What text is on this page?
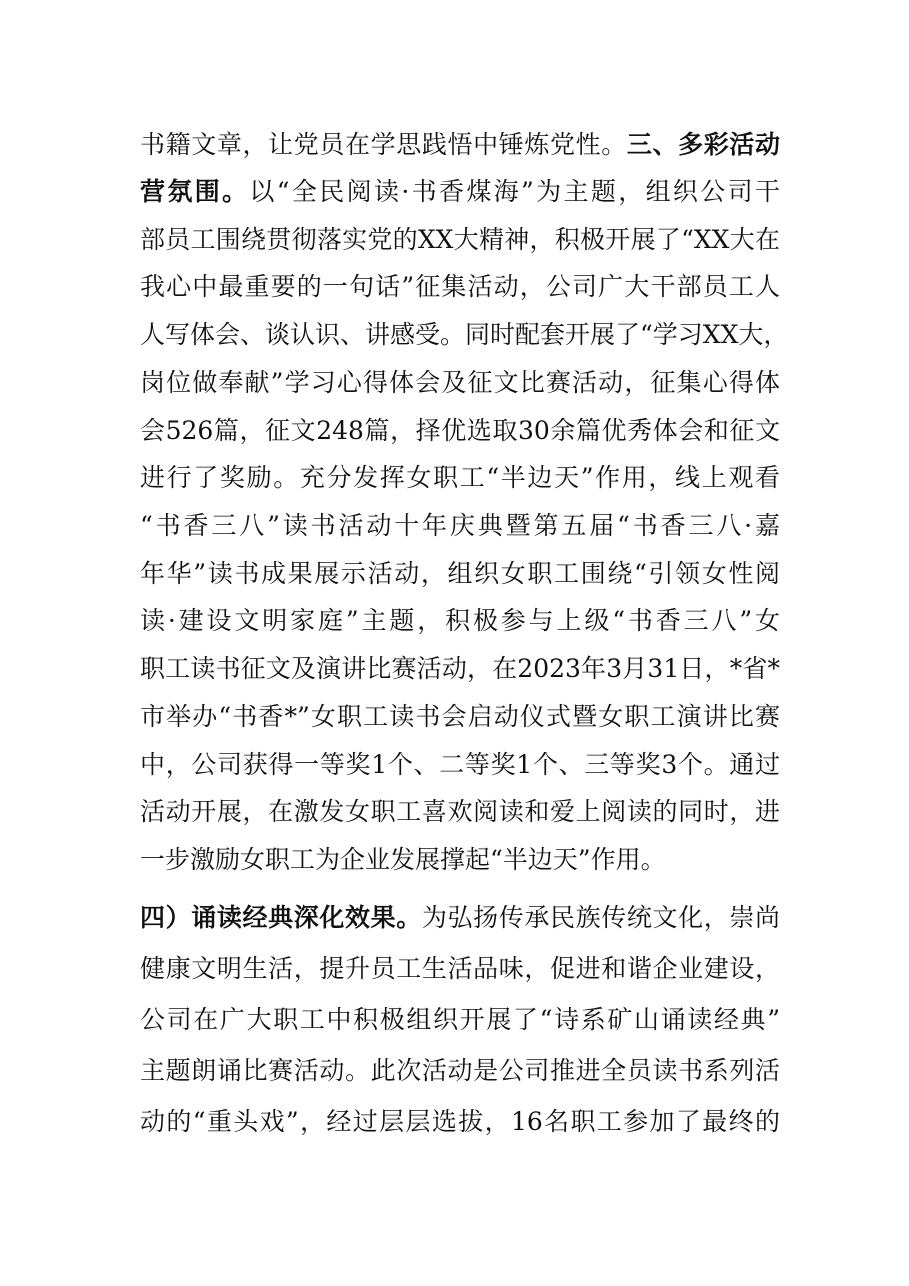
书籍文章，让党员在学思践悟中锤炼党性。三、多彩活动
营氛围。以“全民阅读·书香煤海”为主题，组织公司干
部员工围绕贯彻落实党的XX大精神，积极开展了“XX大在
我心中最重要的一句话”征集活动，公司广大干部员工人
人写体会、谈认识、讲感受。同时配套开展了“学习XX大，
岗位做奉献”学习心得体会及征文比赛活动，征集心得体
会526篇，征文248篇，择优选取30余篇优秀体会和征文
进行了奖励。充分发挥女职工“半边天”作用，线上观看
“书香三八”读书活动十年庆典暨第五届“书香三八·嘉
年华”读书成果展示活动，组织女职工围绕“引领女性阅
读·建设文明家庭”主题，积极参与上级“书香三八”女
职工读书征文及演讲比赛活动，在2023年3月31日，*省*
市举办“书香*”女职工读书会启动仪式暨女职工演讲比赛
中，公司获得一等奖1个、二等奖1个、三等奖3个。通过
活动开展，在激发女职工喜欢阅读和爱上阅读的同时，进
一步激励女职工为企业发展撑起“半边天”作用。
四）诵读经典深化效果。为弘扬传承民族传统文化，崇尚
健康文明生活，提升员工生活品味，促进和谐企业建设，
公司在广大职工中积极组织开展了“诗系矿山诵读经典”
主题朗诵比赛活动。此次活动是公司推进全员读书系列活
动的“重头戏”，经过层层选拔，16名职工参加了最终的
